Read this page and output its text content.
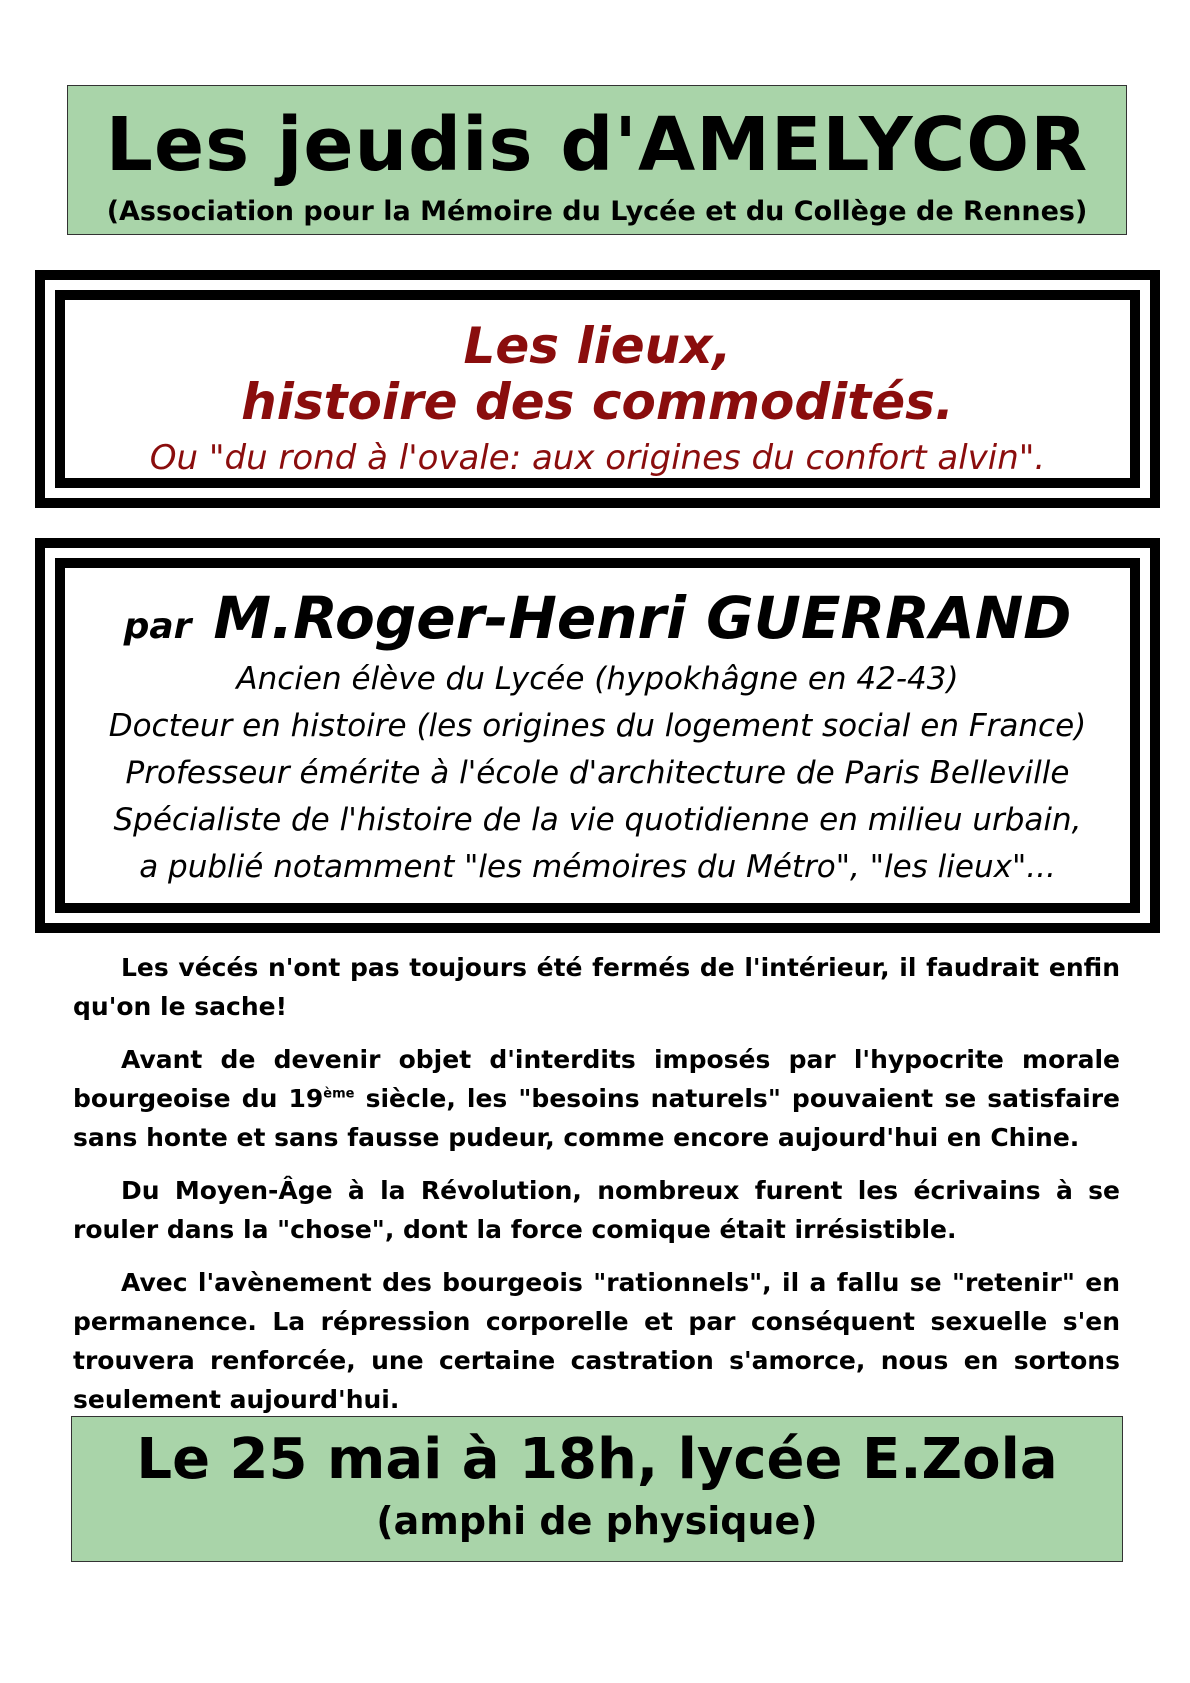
Les jeudis d'AMELYCOR
(Association pour la Mémoire du Lycée et du Collège de Rennes)
Les lieux,
histoire des commodités.
Ou "du rond à l'ovale: aux origines du confort alvin".
par M.Roger-Henri GUERRAND
Ancien élève du Lycée (hypokhâgne en 42-43)
Docteur en histoire (les origines du logement social en France)
Professeur émérite à l'école d'architecture de Paris Belleville
Spécialiste de l'histoire de la vie quotidienne en milieu urbain,
a publié notamment "les mémoires du Métro", "les lieux"...

Les vécés n'ont pas toujours été fermés de l'intérieur, il faudrait enfin qu'on le sache!

Avant de devenir objet d'interdits imposés par l'hypocrite morale bourgeoise du 19ème siècle, les "besoins naturels" pouvaient se satisfaire sans honte et sans fausse pudeur, comme encore aujourd'hui en Chine.

Du Moyen-Âge à la Révolution, nombreux furent les écrivains à se rouler dans la "chose", dont la force comique était irrésistible.

Avec l'avènement des bourgeois "rationnels", il a fallu se "retenir" en permanence. La répression corporelle et par conséquent sexuelle s'en trouvera renforcée, une certaine castration s'amorce, nous en sortons seulement aujourd'hui.

Le 25 mai à 18h, lycée E.Zola
(amphi de physique)
